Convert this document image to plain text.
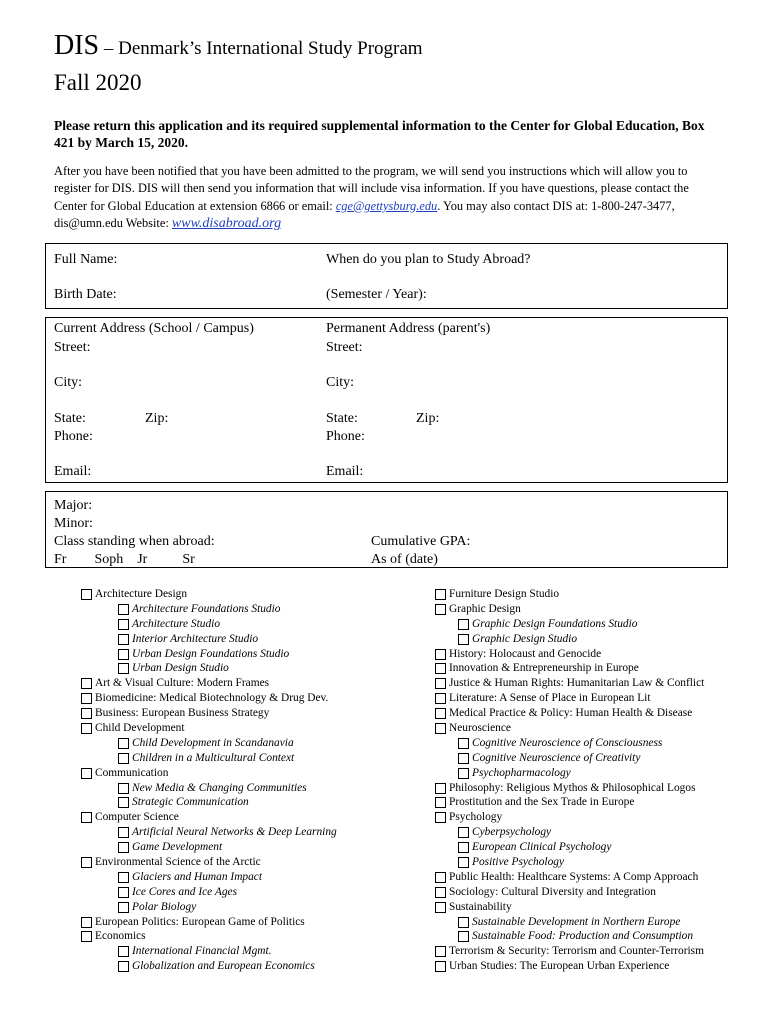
DIS – Denmark’s International Study Program
Fall 2020
Please return this application and its required supplemental information to the Center for Global Education, Box 421 by March 15, 2020.
After you have been notified that you have been admitted to the program, we will send you instructions which will allow you to register for DIS. DIS will then send you information that will include visa information. If you have questions, please contact the Center for Global Education at extension 6866 or email: cge@gettysburg.edu. You may also contact DIS at: 1-800-247-3477, dis@umn.edu Website: www.disabroad.org
Full Name:	When do you plan to Study Abroad?
Birth Date:	(Semester / Year):
Current Address (School / Campus)	Permanent Address (parent's)
Street:	Street:
City:	City:
State:	Zip:	State:	Zip:
Phone:	Phone:
Email:	Email:
Major:
Minor:
Class standing when abroad:	Cumulative GPA:
Fr        Soph    Jr          Sr	As of (date)
Architecture Design
Architecture Foundations Studio
Architecture Studio
Interior Architecture Studio
Urban Design Foundations Studio
Urban Design Studio
Art & Visual Culture: Modern Frames
Biomedicine: Medical Biotechnology & Drug Dev.
Business: European Business Strategy
Child Development
Child Development in Scandanavia
Children in a Multicultural Context
Communication
New Media & Changing Communities
Strategic Communication
Computer Science
Artificial Neural Networks & Deep Learning
Game Development
Environmental Science of the Arctic
Glaciers and Human Impact
Ice Cores and Ice Ages
Polar Biology
European Politics: European Game of Politics
Economics
International Financial Mgmt.
Globalization and European Economics
Furniture Design Studio
Graphic Design
Graphic Design Foundations Studio
Graphic Design Studio
History: Holocaust and Genocide
Innovation & Entrepreneurship in Europe
Justice & Human Rights: Humanitarian Law & Conflict
Literature: A Sense of Place in European Lit
Medical Practice & Policy: Human Health & Disease
Neuroscience
Cognitive Neuroscience of Consciousness
Cognitive Neuroscience of Creativity
Psychopharmacology
Philosophy: Religious Mythos & Philosophical Logos
Prostitution and the Sex Trade in Europe
Psychology
Cyberpsychology
European Clinical Psychology
Positive Psychology
Public Health: Healthcare Systems: A Comp Approach
Sociology: Cultural Diversity and Integration
Sustainability
Sustainable Development in Northern Europe
Sustainable Food: Production and Consumption
Terrorism & Security: Terrorism and Counter-Terrorism
Urban Studies: The European Urban Experience
